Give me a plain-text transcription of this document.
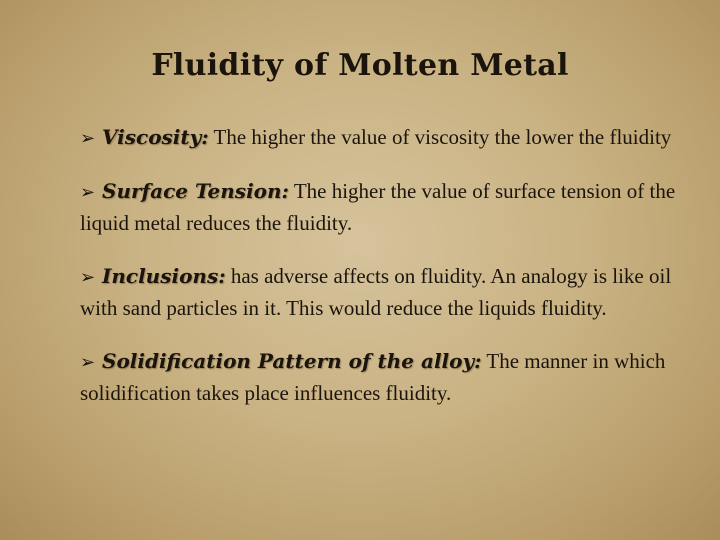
Fluidity of Molten Metal
➢ Viscosity: The higher the value of viscosity the lower the fluidity
➢ Surface Tension: The higher the value of surface tension of the liquid metal reduces the fluidity.
➢ Inclusions: has adverse affects on fluidity. An analogy is like oil with sand particles in it. This would reduce the liquids fluidity.
➢ Solidification Pattern of the alloy: The manner in which solidification takes place influences fluidity.
